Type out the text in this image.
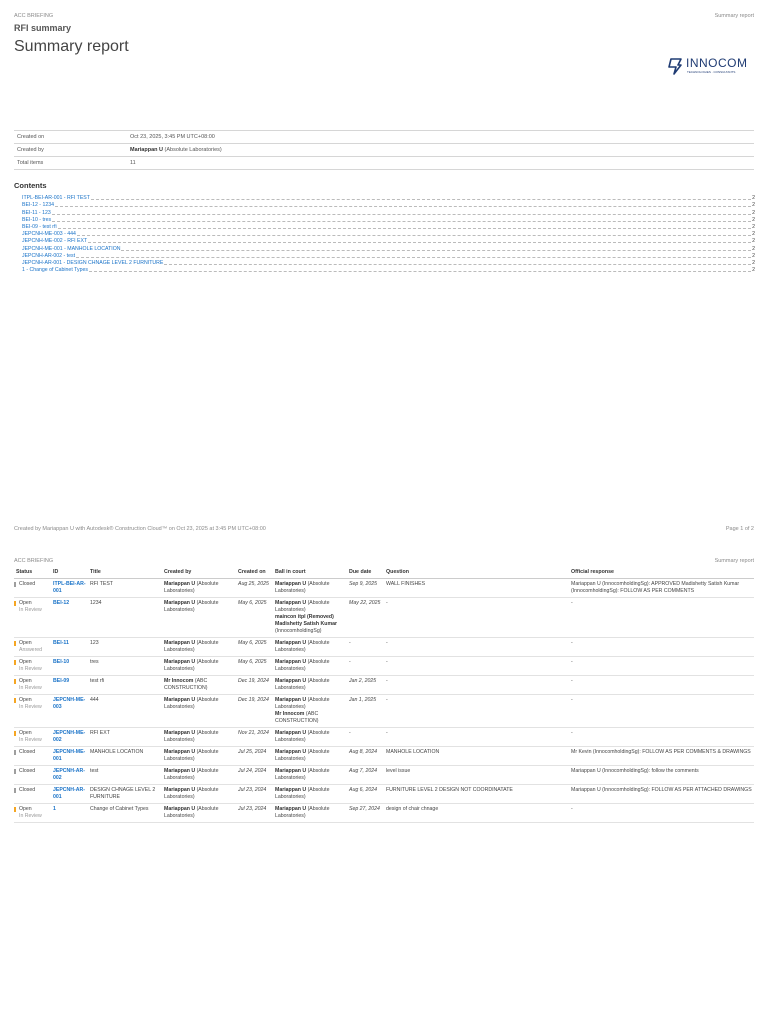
ACC BRIEFING	Summary report
RFI summary
Summary report
INNOCOM
TECHNOLOGIES · CONSULTANTS
Created on	Oct 23, 2025, 3:45 PM UTC+08:00
Created by	Mariappan U (Absolute Laboratories)
Total items	11
Contents
ITPL-BEI-AR-001 - RFI TEST	2
BEI-12 - 1234	2
BEI-11 - 123	2
BEI-10 - tres	2
BEI-09 - test rfi	2
JEPCNH-ME-003 - 444	2
JEPCNH-ME-002 - RFI EXT	2
JEPCNH-ME-001 - MANHOLE LOCATION	2
JEPCNH-AR-002 - test	2
JEPCNH-AR-001 - DESIGN CHNAGE LEVEL 2 FURNITURE	2
1 - Change of Cabinet Types	2
Created by Mariappan U with Autodesk® Construction Cloud™ on Oct 23, 2025 at 3:45 PM UTC+08:00	Page 1 of 2
ACC BRIEFING	Summary report
Status	ID	Title	Created by	Created on	Ball in court	Due date	Question	Official response

Closed	ITPL-BEI-AR-001	RFI TEST	Mariappan U (Absolute Laboratories)	Aug 25, 2025	Mariappan U (Absolute Laboratories)	Sep 9, 2025	WALL FINISHES	Mariappan U (InnocomholdingSg): APPROVED Madishetty Satish Kumar (InnocomholdingSg): FOLLOW AS PER COMMENTS

Open
In Review	BEI-12	1234	Mariappan U (Absolute Laboratories)	May 6, 2025	Mariappan U (Absolute Laboratories)
maincon itpl (Removed)
Madishetty Satish Kumar (InnocomholdingSg)	May 22, 2025	-	-

Open
Answered	BEI-11	123	Mariappan U (Absolute Laboratories)	May 6, 2025	Mariappan U (Absolute Laboratories)	-	-	-

Open
In Review	BEI-10	tres	Mariappan U (Absolute Laboratories)	May 6, 2025	Mariappan U (Absolute Laboratories)	-	-	-

Open
In Review	BEI-09	test rfi	Mr Innocom (ABC CONSTRUCTION)	Dec 19, 2024	Mariappan U (Absolute Laboratories)	Jan 2, 2025	-	-

Open
In Review	JEPCNH-ME-003	444	Mariappan U (Absolute Laboratories)	Dec 19, 2024	Mariappan U (Absolute Laboratories)
Mr Innocom (ABC CONSTRUCTION)	Jan 1, 2025	-	-

Open
In Review	JEPCNH-ME-002	RFI EXT	Mariappan U (Absolute Laboratories)	Nov 21, 2024	Mariappan U (Absolute Laboratories)	-	-	-

Closed	JEPCNH-ME-001	MANHOLE LOCATION	Mariappan U (Absolute Laboratories)	Jul 25, 2024	Mariappan U (Absolute Laboratories)	Aug 8, 2024	MANHOLE LOCATION	Mr Kevin (InnocomholdingSg): FOLLOW AS PER COMMENTS & DRAWINGS

Closed	JEPCNH-AR-002	test	Mariappan U (Absolute Laboratories)	Jul 24, 2024	Mariappan U (Absolute Laboratories)	Aug 7, 2024	level issue	Mariappan U (InnocomholdingSg): follow the comments

Closed	JEPCNH-AR-001	DESIGN CHNAGE LEVEL 2 FURNITURE	Mariappan U (Absolute Laboratories)	Jul 23, 2024	Mariappan U (Absolute Laboratories)	Aug 6, 2024	FURNITURE LEVEL 2 DESIGN NOT COORDINATATE	Mariappan U (InnocomholdingSg): FOLLOW AS PER ATTACHED DRAWINGS

Open
In Review	1	Change of Cabinet Types	Mariappan U (Absolute Laboratories)	Jul 23, 2024	Mariappan U (Absolute Laboratories)	Sep 27, 2024	design of chair chnage	-
